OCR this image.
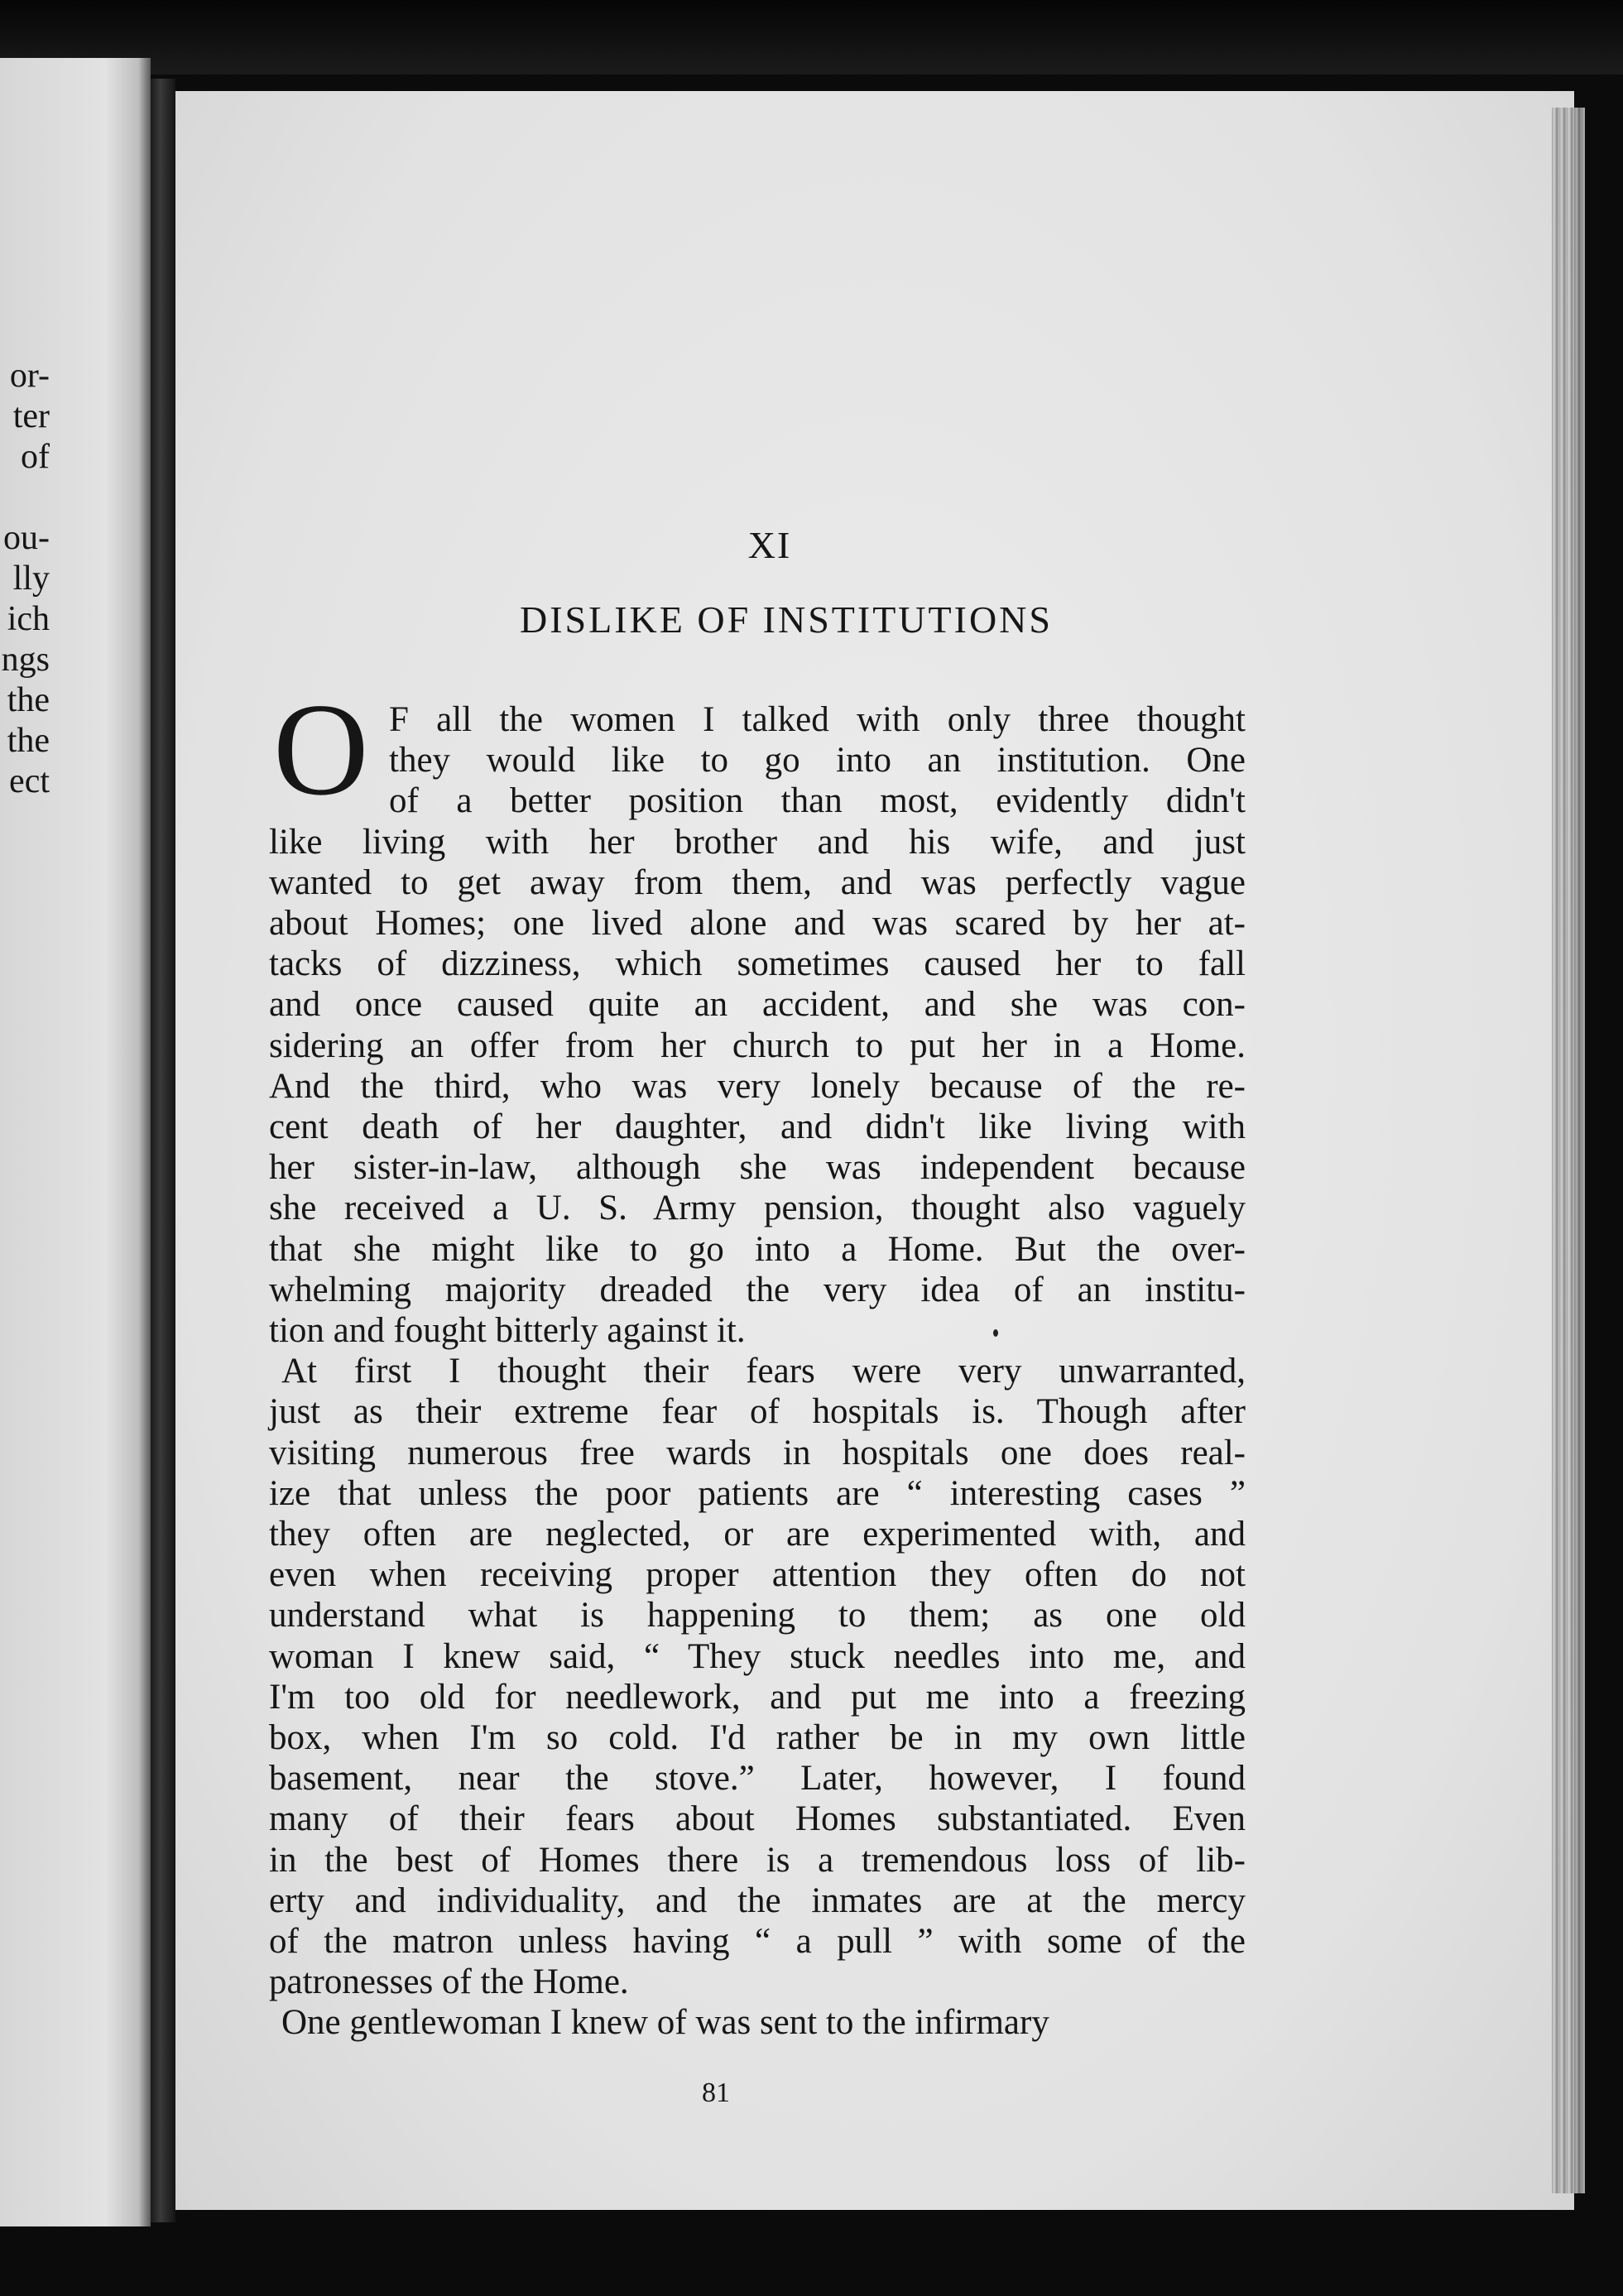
or-
ter
of
ou-
lly
ich
ngs
the
the
ect
XI
DISLIKE OF INSTITUTIONS
O F all the women I talked with only three thought
they would like to go into an institution. One
of a better position than most, evidently didn't
like living with her brother and his wife, and just
wanted to get away from them, and was perfectly vague
about Homes; one lived alone and was scared by her at-
tacks of dizziness, which sometimes caused her to fall
and once caused quite an accident, and she was con-
sidering an offer from her church to put her in a Home.
And the third, who was very lonely because of the re-
cent death of her daughter, and didn't like living with
her sister-in-law, although she was independent because
she received a U. S. Army pension, thought also vaguely
that she might like to go into a Home. But the over-
whelming majority dreaded the very idea of an institu-
tion and fought bitterly against it.
At first I thought their fears were very unwarranted,
just as their extreme fear of hospitals is. Though after
visiting numerous free wards in hospitals one does real-
ize that unless the poor patients are “ interesting cases ”
they often are neglected, or are experimented with, and
even when receiving proper attention they often do not
understand what is happening to them; as one old
woman I knew said, “ They stuck needles into me, and
I'm too old for needlework, and put me into a freezing
box, when I'm so cold. I'd rather be in my own little
basement, near the stove.” Later, however, I found
many of their fears about Homes substantiated. Even
in the best of Homes there is a tremendous loss of lib-
erty and individuality, and the inmates are at the mercy
of the matron unless having “ a pull ” with some of the
patronesses of the Home.
One gentlewoman I knew of was sent to the infirmary
81
